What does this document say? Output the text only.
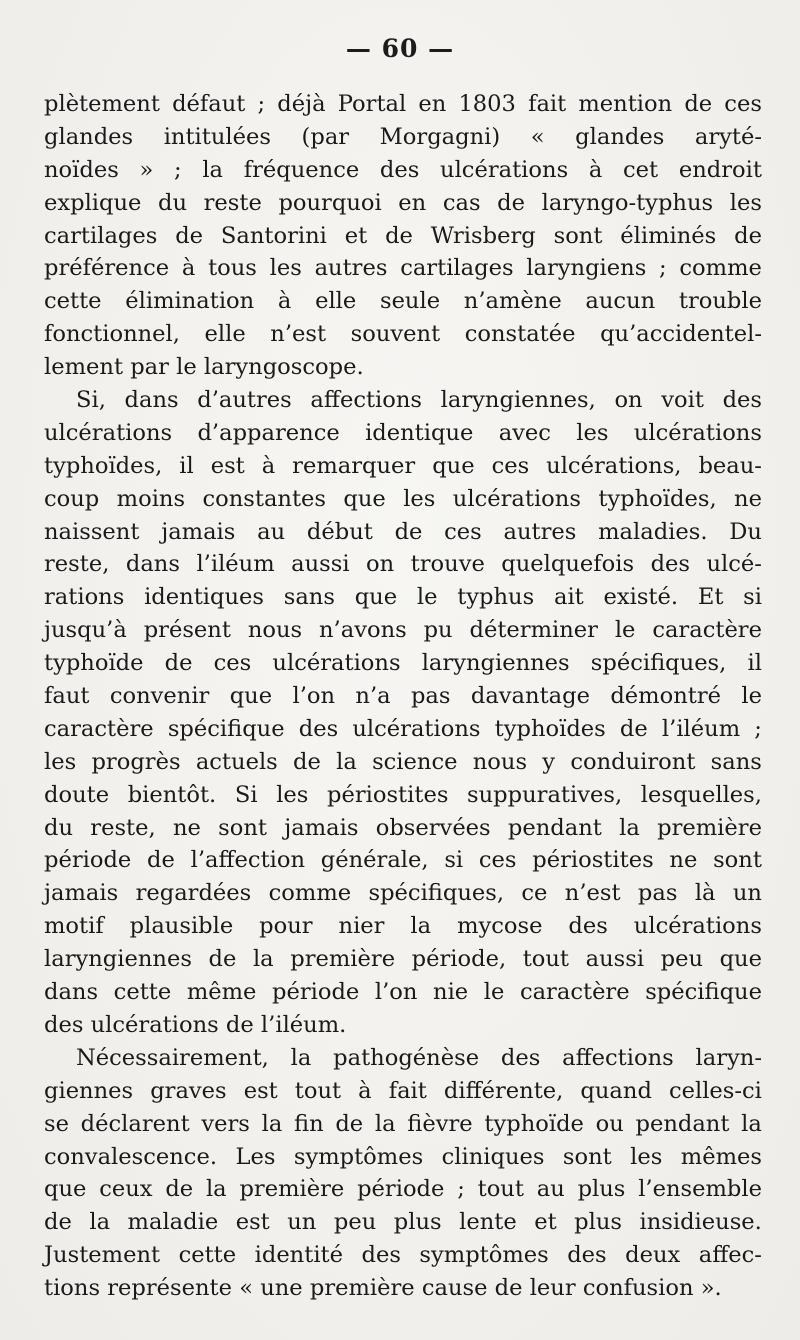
— 60 —
plètement défaut ; déjà Portal en 1803 fait mention de ces
glandes intitulées (par Morgagni) « glandes aryté-
noïdes » ; la fréquence des ulcérations à cet endroit
explique du reste pourquoi en cas de laryngo-typhus les
cartilages de Santorini et de Wrisberg sont éliminés de
préférence à tous les autres cartilages laryngiens ; comme
cette élimination à elle seule n’amène aucun trouble
fonctionnel, elle n’est souvent constatée qu’accidentel-
lement par le laryngoscope.
Si, dans d’autres affections laryngiennes, on voit des
ulcérations d’apparence identique avec les ulcérations
typhoïdes, il est à remarquer que ces ulcérations, beau-
coup moins constantes que les ulcérations typhoïdes, ne
naissent jamais au début de ces autres maladies. Du
reste, dans l’iléum aussi on trouve quelquefois des ulcé-
rations identiques sans que le typhus ait existé. Et si
jusqu’à présent nous n’avons pu déterminer le caractère
typhoïde de ces ulcérations laryngiennes spécifiques, il
faut convenir que l’on n’a pas davantage démontré le
caractère spécifique des ulcérations typhoïdes de l’iléum ;
les progrès actuels de la science nous y conduiront sans
doute bientôt. Si les périostites suppuratives, lesquelles,
du reste, ne sont jamais observées pendant la première
période de l’affection générale, si ces périostites ne sont
jamais regardées comme spécifiques, ce n’est pas là un
motif plausible pour nier la mycose des ulcérations
laryngiennes de la première période, tout aussi peu que
dans cette même période l’on nie le caractère spécifique
des ulcérations de l’iléum.
Nécessairement, la pathogénèse des affections laryn-
giennes graves est tout à fait différente, quand celles-ci
se déclarent vers la fin de la fièvre typhoïde ou pendant la
convalescence. Les symptômes cliniques sont les mêmes
que ceux de la première période ; tout au plus l’ensemble
de la maladie est un peu plus lente et plus insidieuse.
Justement cette identité des symptômes des deux affec-
tions représente « une première cause de leur confusion ».
